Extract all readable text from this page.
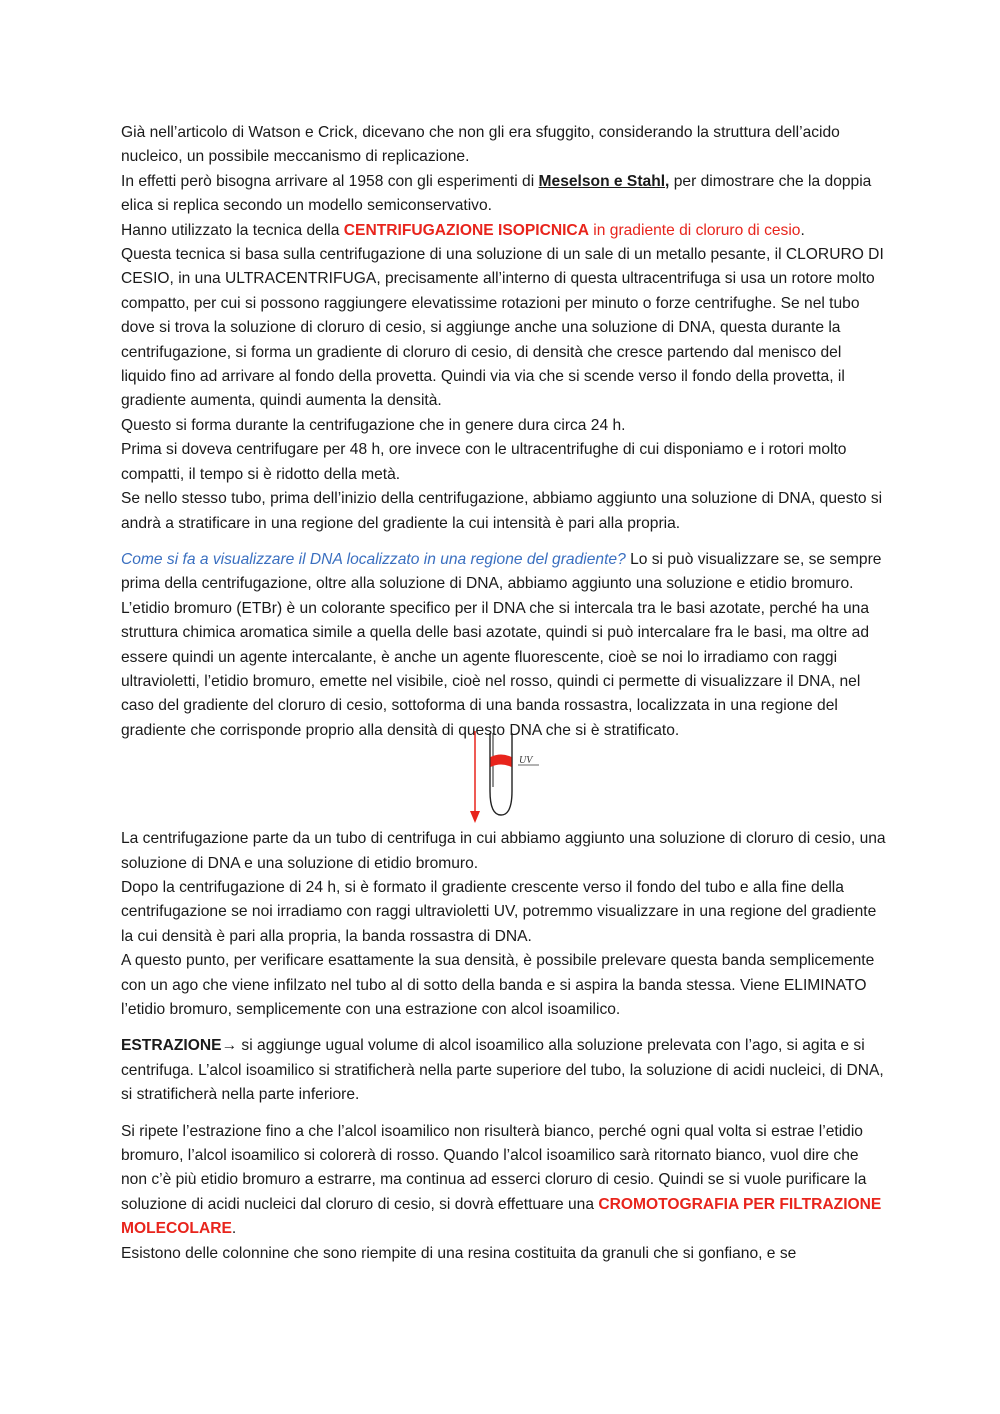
Già nell’articolo di Watson e Crick, dicevano che non gli era sfuggito, considerando la struttura dell’acido nucleico, un possibile meccanismo di replicazione.

In effetti però bisogna arrivare al 1958 con gli esperimenti di Meselson e Stahl, per dimostrare che la doppia elica si replica secondo un modello semiconservativo.

Hanno utilizzato la tecnica della CENTRIFUGAZIONE ISOPICNICA in gradiente di cloruro di cesio.

Questa tecnica si basa sulla centrifugazione di una soluzione di un sale di un metallo pesante, il CLORURO DI CESIO, in una ULTRACENTRIFUGA, precisamente all’interno di questa ultracentrifuga si usa un rotore molto compatto, per cui si possono raggiungere elevatissime rotazioni per minuto o forze centrifughe. Se nel tubo dove si trova la soluzione di cloruro di cesio, si aggiunge anche una soluzione di DNA, questa durante la centrifugazione, si forma un gradiente di cloruro di cesio, di densità che cresce partendo dal menisco del liquido fino ad arrivare al fondo della provetta. Quindi via via che si scende verso il fondo della provetta, il gradiente aumenta, quindi aumenta la densità.

Questo si forma durante la centrifugazione che in genere dura circa 24 h.

Prima si doveva centrifugare per 48 h, ore invece con le ultracentrifughe di cui disponiamo e i rotori molto compatti, il tempo si è ridotto della metà.

Se nello stesso tubo, prima dell’inizio della centrifugazione, abbiamo aggiunto una soluzione di DNA, questo si andrà a stratificare in una regione del gradiente la cui intensità è pari alla propria.

Come si fa a visualizzare il DNA localizzato in una regione del gradiente? Lo si può visualizzare se, se sempre prima della centrifugazione, oltre alla soluzione di DNA, abbiamo aggiunto una soluzione e etidio bromuro. L’etidio bromuro (ETBr) è un colorante specifico per il DNA che si intercala tra le basi azotate, perché ha una struttura chimica aromatica simile a quella delle basi azotate, quindi si può intercalare fra le basi, ma oltre ad essere quindi un agente intercalante, è anche un agente fluorescente, cioè se noi lo irradiamo con raggi ultravioletti, l’etidio bromuro, emette nel visibile, cioè nel rosso, quindi ci permette di visualizzare il DNA, nel caso del gradiente del cloruro di cesio, sottoforma di una banda rossastra, localizzata in una regione del gradiente che corrisponde proprio alla densità di questo DNA che si è stratificato.

UV

La centrifugazione parte da un tubo di centrifuga in cui abbiamo aggiunto una soluzione di cloruro di cesio, una soluzione di DNA e una soluzione di etidio bromuro.

Dopo la centrifugazione di 24 h, si è formato il gradiente crescente verso il fondo del tubo e alla fine della centrifugazione se noi irradiamo con raggi ultravioletti UV, potremmo visualizzare in una regione del gradiente la cui densità è pari alla propria, la banda rossastra di DNA.

A questo punto, per verificare esattamente la sua densità, è possibile prelevare questa banda semplicemente con un ago che viene infilzato nel tubo al di sotto della banda e si aspira la banda stessa. Viene ELIMINATO l’etidio bromuro, semplicemente con una estrazione con alcol isoamilico.

ESTRAZIONE→ si aggiunge ugual volume di alcol isoamilico alla soluzione prelevata con l’ago, si agita e si centrifuga. L’alcol isoamilico si stratificherà nella parte superiore del tubo, la soluzione di acidi nucleici, di DNA, si stratificherà nella parte inferiore.

Si ripete l’estrazione fino a che l’alcol isoamilico non risulterà bianco, perché ogni qual volta si estrae l’etidio bromuro, l’alcol isoamilico si colorerà di rosso. Quando l’alcol isoamilico sarà ritornato bianco, vuol dire che non c’è più etidio bromuro a estrarre, ma continua ad esserci cloruro di cesio. Quindi se si vuole purificare la soluzione di acidi nucleici dal cloruro di cesio, si dovrà effettuare una CROMOTOGRAFIA PER FILTRAZIONE MOLECOLARE.

Esistono delle colonnine che sono riempite di una resina costituita da granuli che si gonfiano, e se
